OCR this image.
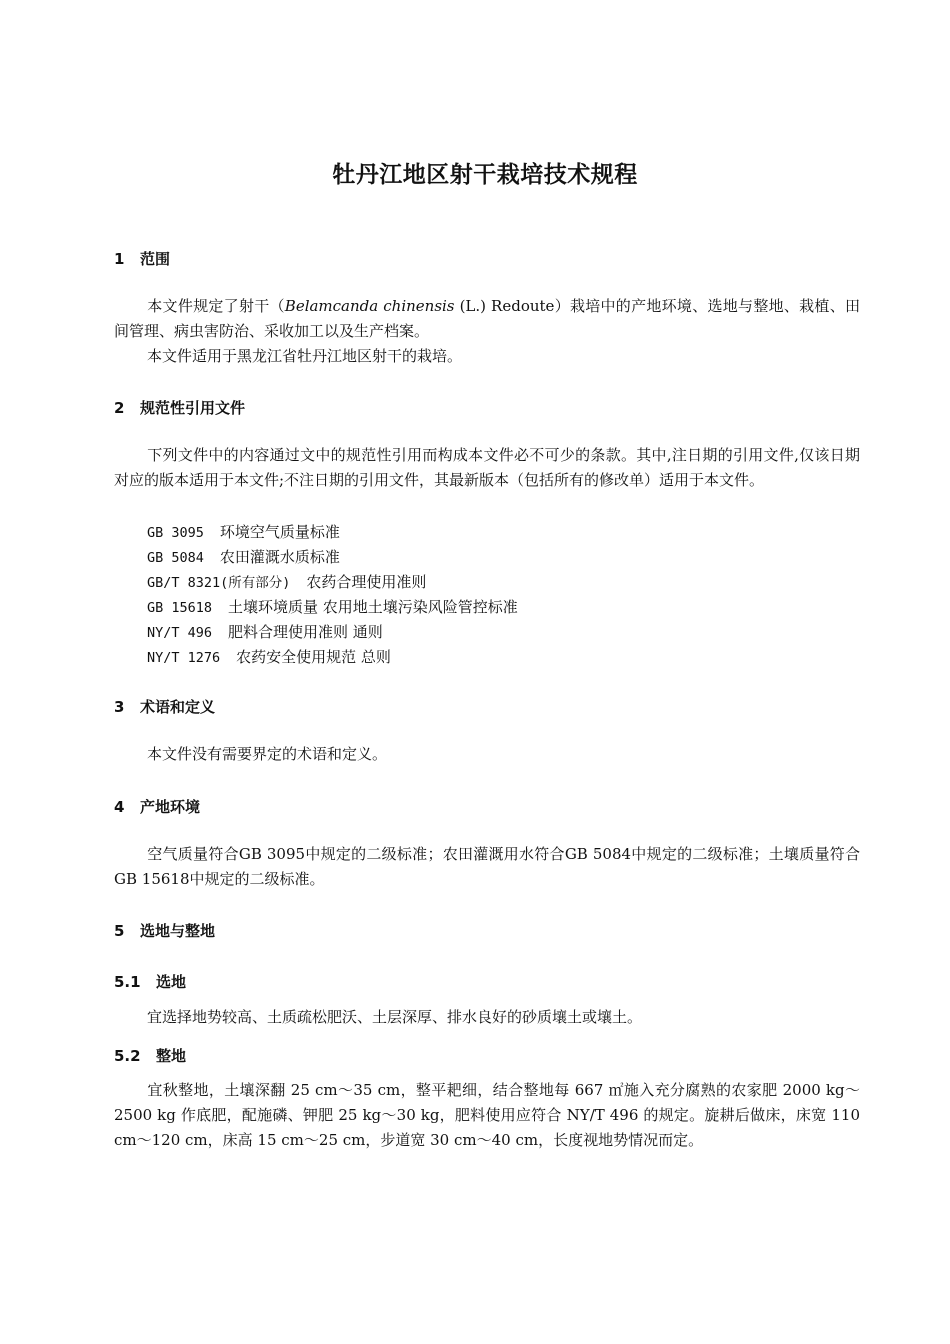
牡丹江地区射干栽培技术规程
1 范围
本文件规定了射干（Belamcanda chinensis (L.) Redoute）栽培中的产地环境、选地与整地、栽植、田间管理、病虫害防治、采收加工以及生产档案。
本文件适用于黑龙江省牡丹江地区射干的栽培。
2 规范性引用文件
下列文件中的内容通过文中的规范性引用而构成本文件必不可少的条款。其中,注日期的引用文件,仅该日期对应的版本适用于本文件;不注日期的引用文件，其最新版本（包括所有的修改单）适用于本文件。
GB 3095 环境空气质量标准
GB 5084 农田灌溉水质标准
GB/T 8321(所有部分) 农药合理使用准则
GB 15618 土壤环境质量 农用地土壤污染风险管控标准
NY/T 496 肥料合理使用准则 通则
NY/T 1276 农药安全使用规范 总则
3 术语和定义
本文件没有需要界定的术语和定义。
4 产地环境
空气质量符合GB 3095中规定的二级标准；农田灌溉用水符合GB 5084中规定的二级标准；土壤质量符合GB 15618中规定的二级标准。
5 选地与整地
5.1 选地
宜选择地势较高、土质疏松肥沃、土层深厚、排水良好的砂质壤土或壤土。
5.2 整地
宜秋整地，土壤深翻 25 cm～35 cm，整平耙细，结合整地每 667 ㎡施入充分腐熟的农家肥 2000 kg～2500 kg 作底肥，配施磷、钾肥 25 kg～30 kg，肥料使用应符合 NY/T 496 的规定。旋耕后做床，床宽 110 cm～120 cm，床高 15 cm～25 cm，步道宽 30 cm～40 cm，长度视地势情况而定。
